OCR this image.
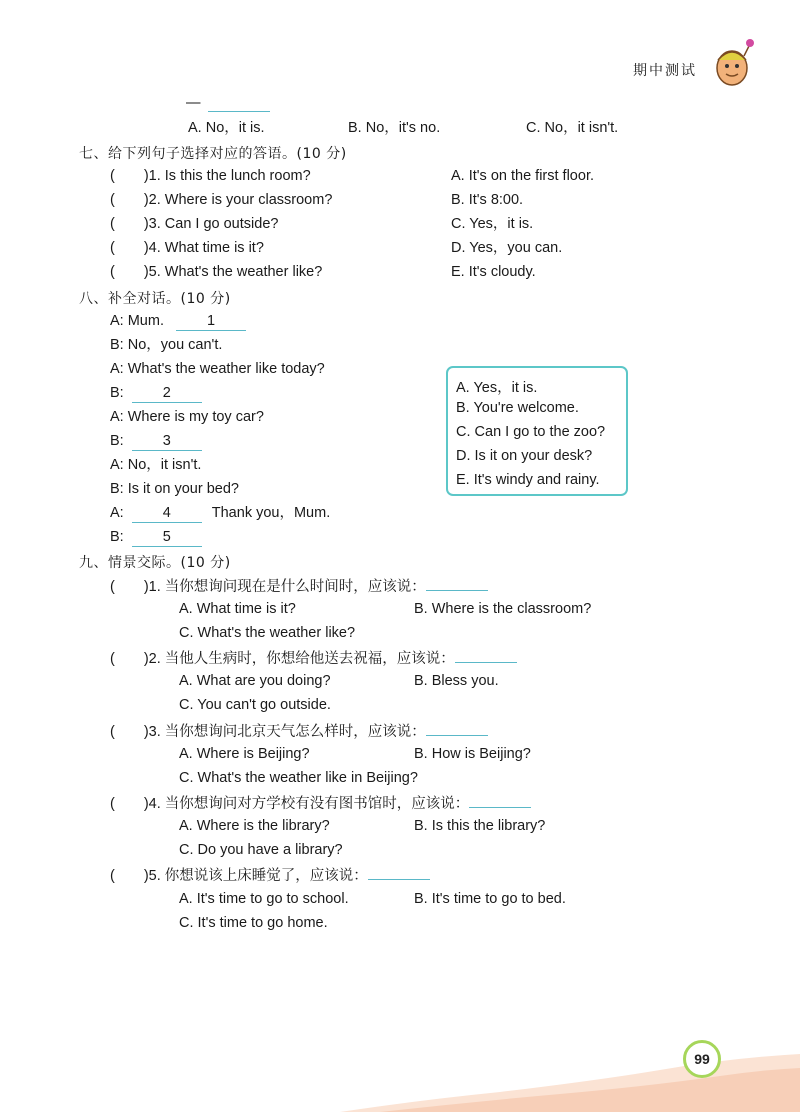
期中测试
—
A. No，it is.	B. No，it's no.	C. No，it isn't.
七、给下列句子选择对应的答语。(10 分)
(　　)1. Is this the lunch room?
(　　)2. Where is your classroom?
(　　)3. Can I go outside?
(　　)4. What time is it?
(　　)5. What's the weather like?
A. It's on the first floor.
B. It's 8:00.
C. Yes，it is.
D. Yes，you can.
E. It's cloudy.
八、补全对话。(10 分)
A: Mum.	1
B: No，you can't.
A: What's the weather like today?
B:	2
A: Where is my toy car?
B:	3
A: No，it isn't.
B: Is it on your bed?
A:	4	Thank you，Mum.
B:	5
A. Yes，it is.
B. You're welcome.
C. Can I go to the zoo?
D. Is it on your desk?
E. It's windy and rainy.
九、情景交际。(10 分)
(　　)1. 当你想询问现在是什么时间时，应该说：
A. What time is it?	B. Where is the classroom?
C. What's the weather like?
(　　)2. 当他人生病时，你想给他送去祝福，应该说：
A. What are you doing?	B. Bless you.
C. You can't go outside.
(　　)3. 当你想询问北京天气怎么样时，应该说：
A. Where is Beijing?	B. How is Beijing?
C. What's the weather like in Beijing?
(　　)4. 当你想询问对方学校有没有图书馆时，应该说：
A. Where is the library?	B. Is this the library?
C. Do you have a library?
(　　)5. 你想说该上床睡觉了，应该说：
A. It's time to go to school.	B. It's time to go to bed.
C. It's time to go home.
99
